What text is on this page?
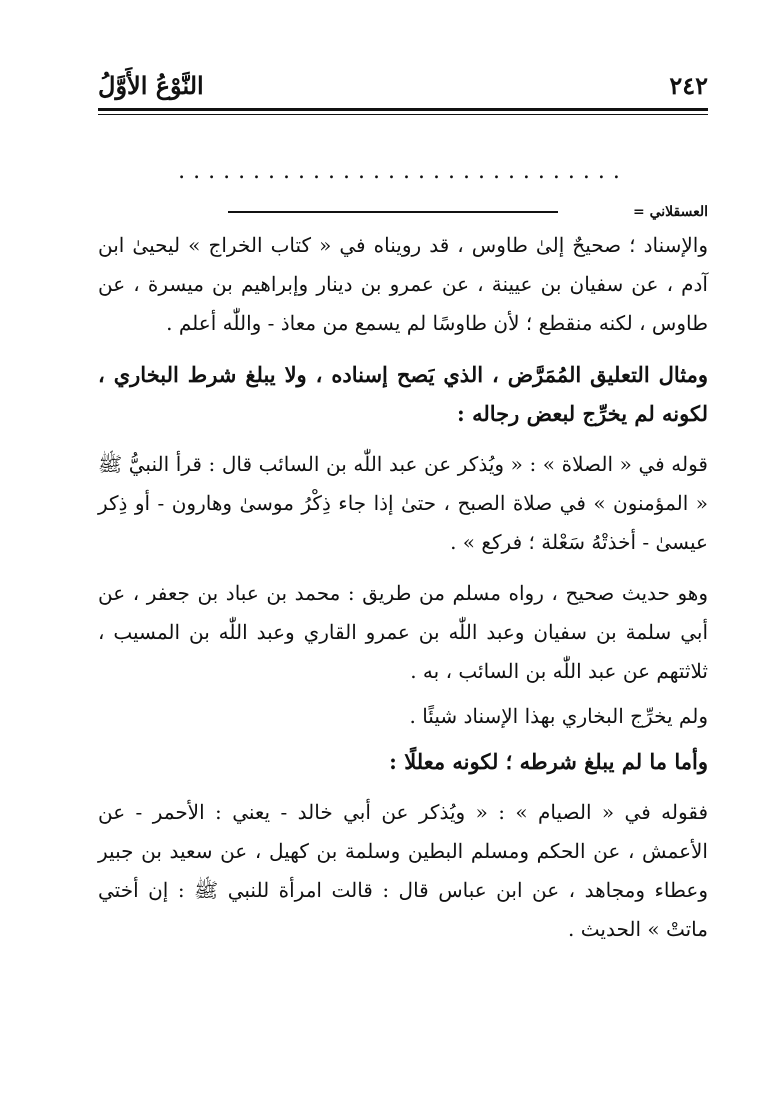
٢٤٢
النَّوْعُ الأَوَّلُ
..............................
العسقلاني =

والإسناد ؛ صحيحٌ إلىٰ طاوس ، قد رويناه في « كتاب الخراج » ليحيىٰ ابن آدم ، عن سفيان بن عيينة ، عن عمرو بن دينار وإبراهيم بن ميسرة ، عن طاوس ، لكنه منقطع ؛ لأن طاوسًا لم يسمع من معاذ - واللّٰه أعلم .

ومثال التعليق المُمَرَّض ، الذي يَصح إسناده ، ولا يبلغ شرط البخاري ، لكونه لم يخرِّج لبعض رجاله :

قوله في « الصلاة » : « ويُذكر عن عبد اللّٰه بن السائب قال : قرأ النبيُّ ﷺ « المؤمنون » في صلاة الصبح ، حتىٰ إذا جاء ذِكْرُ موسىٰ وهارون - أو ذِكر عيسىٰ - أخذتْهُ سَعْلة ؛ فركع » .

وهو حديث صحيح ، رواه مسلم من طريق : محمد بن عباد بن جعفر ، عن أبي سلمة بن سفيان وعبد اللّٰه بن عمرو القاري وعبد اللّٰه بن المسيب ، ثلاثتهم عن عبد اللّٰه بن السائب ، به .

ولم يخرِّج البخاري بهذا الإسناد شيئًا .

وأما ما لم يبلغ شرطه ؛ لكونه معللًا :

فقوله في « الصيام » : « ويُذكر عن أبي خالد - يعني : الأحمر - عن الأعمش ، عن الحكم ومسلم البطين وسلمة بن كهيل ، عن سعيد بن جبير وعطاء ومجاهد ، عن ابن عباس قال : قالت امرأة للنبي ﷺ : إن أختي ماتتْ » الحديث .
